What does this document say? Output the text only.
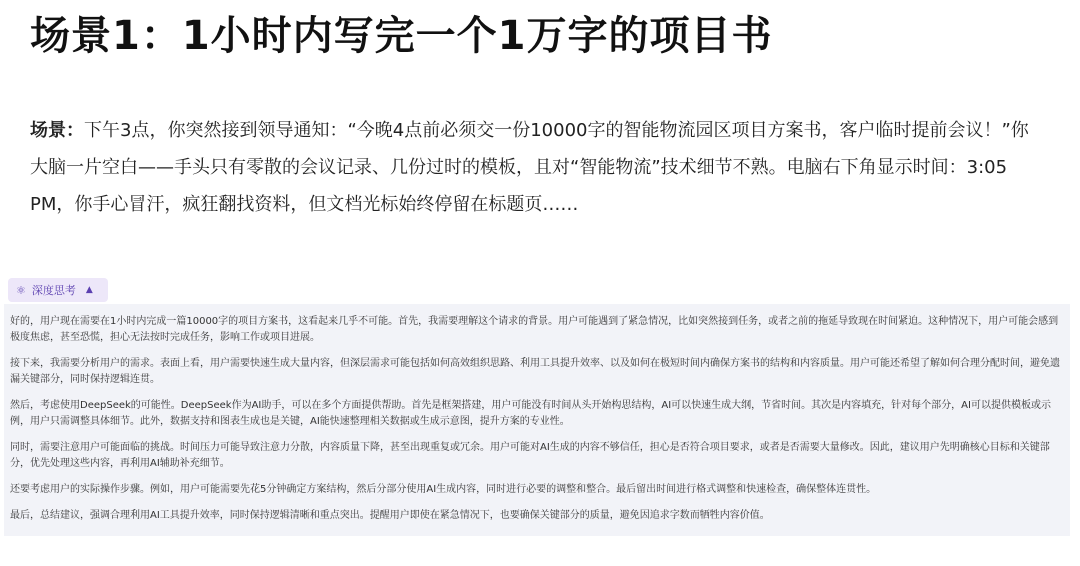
场景1：1小时内写完一个1万字的项目书
场景：下午3点，你突然接到领导通知：“今晚4点前必须交一份10000字的智能物流园区项目方案书，客户临时提前会议！”你大脑一片空白——手头只有零散的会议记录、几份过时的模板，且对“智能物流”技术细节不熟。电脑右下角显示时间：3:05 PM，你手心冒汗，疯狂翻找资料，但文档光标始终停留在标题页……
⚛ 深度思考 ▲

好的，用户现在需要在1小时内完成一篇10000字的项目方案书，这看起来几乎不可能。首先，我需要理解这个请求的背景。用户可能遇到了紧急情况，比如突然接到任务，或者之前的拖延导致现在时间紧迫。这种情况下，用户可能会感到极度焦虑，甚至恐慌，担心无法按时完成任务，影响工作或项目进展。

接下来，我需要分析用户的需求。表面上看，用户需要快速生成大量内容，但深层需求可能包括如何高效组织思路、利用工具提升效率、以及如何在极短时间内确保方案书的结构和内容质量。用户可能还希望了解如何合理分配时间，避免遗漏关键部分，同时保持逻辑连贯。

然后，考虑使用DeepSeek的可能性。DeepSeek作为AI助手，可以在多个方面提供帮助。首先是框架搭建，用户可能没有时间从头开始构思结构，AI可以快速生成大纲，节省时间。其次是内容填充，针对每个部分，AI可以提供模板或示例，用户只需调整具体细节。此外，数据支持和图表生成也是关键，AI能快速整理相关数据或生成示意图，提升方案的专业性。

同时，需要注意用户可能面临的挑战。时间压力可能导致注意力分散，内容质量下降，甚至出现重复或冗余。用户可能对AI生成的内容不够信任，担心是否符合项目要求，或者是否需要大量修改。因此，建议用户先明确核心目标和关键部分，优先处理这些内容，再利用AI辅助补充细节。

还要考虑用户的实际操作步骤。例如，用户可能需要先花5分钟确定方案结构，然后分部分使用AI生成内容，同时进行必要的调整和整合。最后留出时间进行格式调整和快速检查，确保整体连贯性。

最后，总结建议，强调合理利用AI工具提升效率，同时保持逻辑清晰和重点突出。提醒用户即使在紧急情况下，也要确保关键部分的质量，避免因追求字数而牺牲内容价值。
